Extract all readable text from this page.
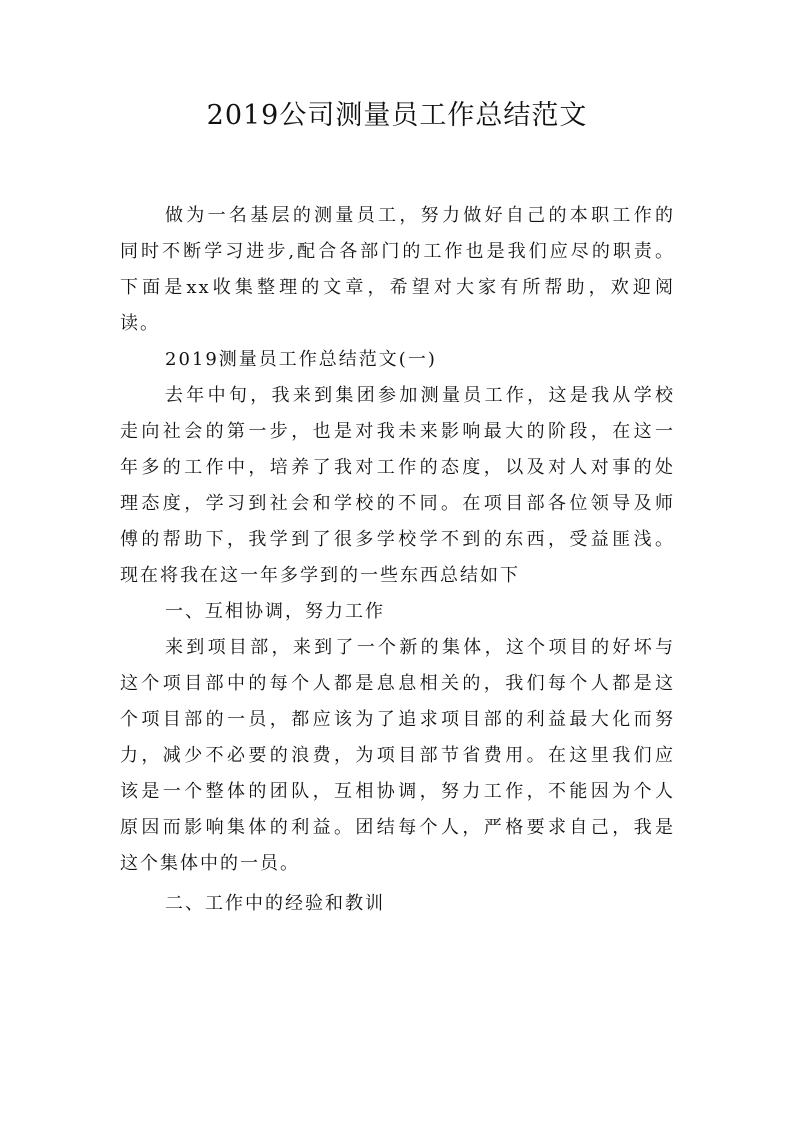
2019公司测量员工作总结范文
做为一名基层的测量员工，努力做好自己的本职工作的
同时不断学习进步,配合各部门的工作也是我们应尽的职责。
下面是xx收集整理的文章，希望对大家有所帮助，欢迎阅
读。
2019测量员工作总结范文(一)
去年中旬，我来到集团参加测量员工作，这是我从学校
走向社会的第一步，也是对我未来影响最大的阶段，在这一
年多的工作中，培养了我对工作的态度，以及对人对事的处
理态度，学习到社会和学校的不同。在项目部各位领导及师
傅的帮助下，我学到了很多学校学不到的东西，受益匪浅。
现在将我在这一年多学到的一些东西总结如下
一、互相协调，努力工作
来到项目部，来到了一个新的集体，这个项目的好坏与
这个项目部中的每个人都是息息相关的，我们每个人都是这
个项目部的一员，都应该为了追求项目部的利益最大化而努
力，减少不必要的浪费，为项目部节省费用。在这里我们应
该是一个整体的团队，互相协调，努力工作，不能因为个人
原因而影响集体的利益。团结每个人，严格要求自己，我是
这个集体中的一员。
二、工作中的经验和教训
